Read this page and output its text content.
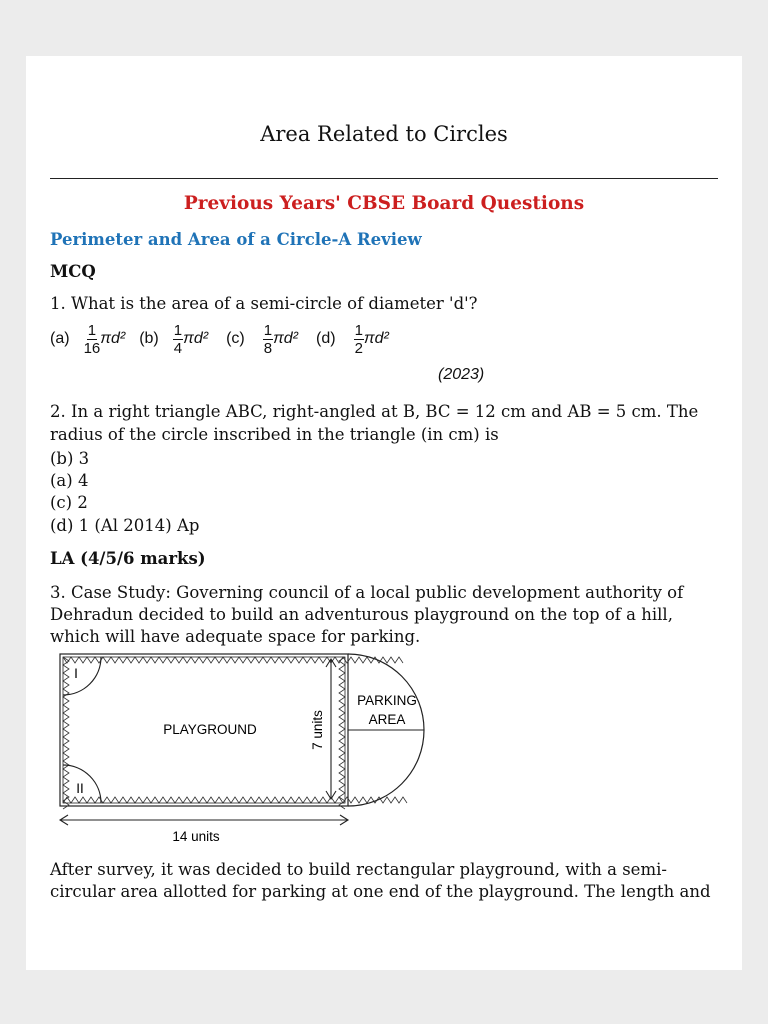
Area Related to Circles
Previous Years' CBSE Board Questions
Perimeter and Area of a Circle-A Review
MCQ
1. What is the area of a semi-circle of diameter 'd'?
$(a) \frac{1}{16} \pi d^2$ $(b) \frac{1}{4} \pi d^2$ $(c) \frac{1}{8} \pi d^2$ $(d) \frac{1}{2} \pi d^2$
(2023)
2. In a right triangle ABC, right-angled at B, BC = 12 cm and AB = 5 cm. The
radius of the circle inscribed in the triangle (in cm) is
(b) 3
(a) 4
(c) 2
(d) 1 (Al 2014) Ap
LA (4/5/6 marks)
3. Case Study: Governing council of a local public development authority of
Dehradun decided to build an adventurous playground on the top of a hill,
which will have adequate space for parking.
I
II
PLAYGROUND	7 units
PARKING
AREA
14 units
After survey, it was decided to build rectangular playground, with a semi-
circular area allotted for parking at one end of the playground. The length and
